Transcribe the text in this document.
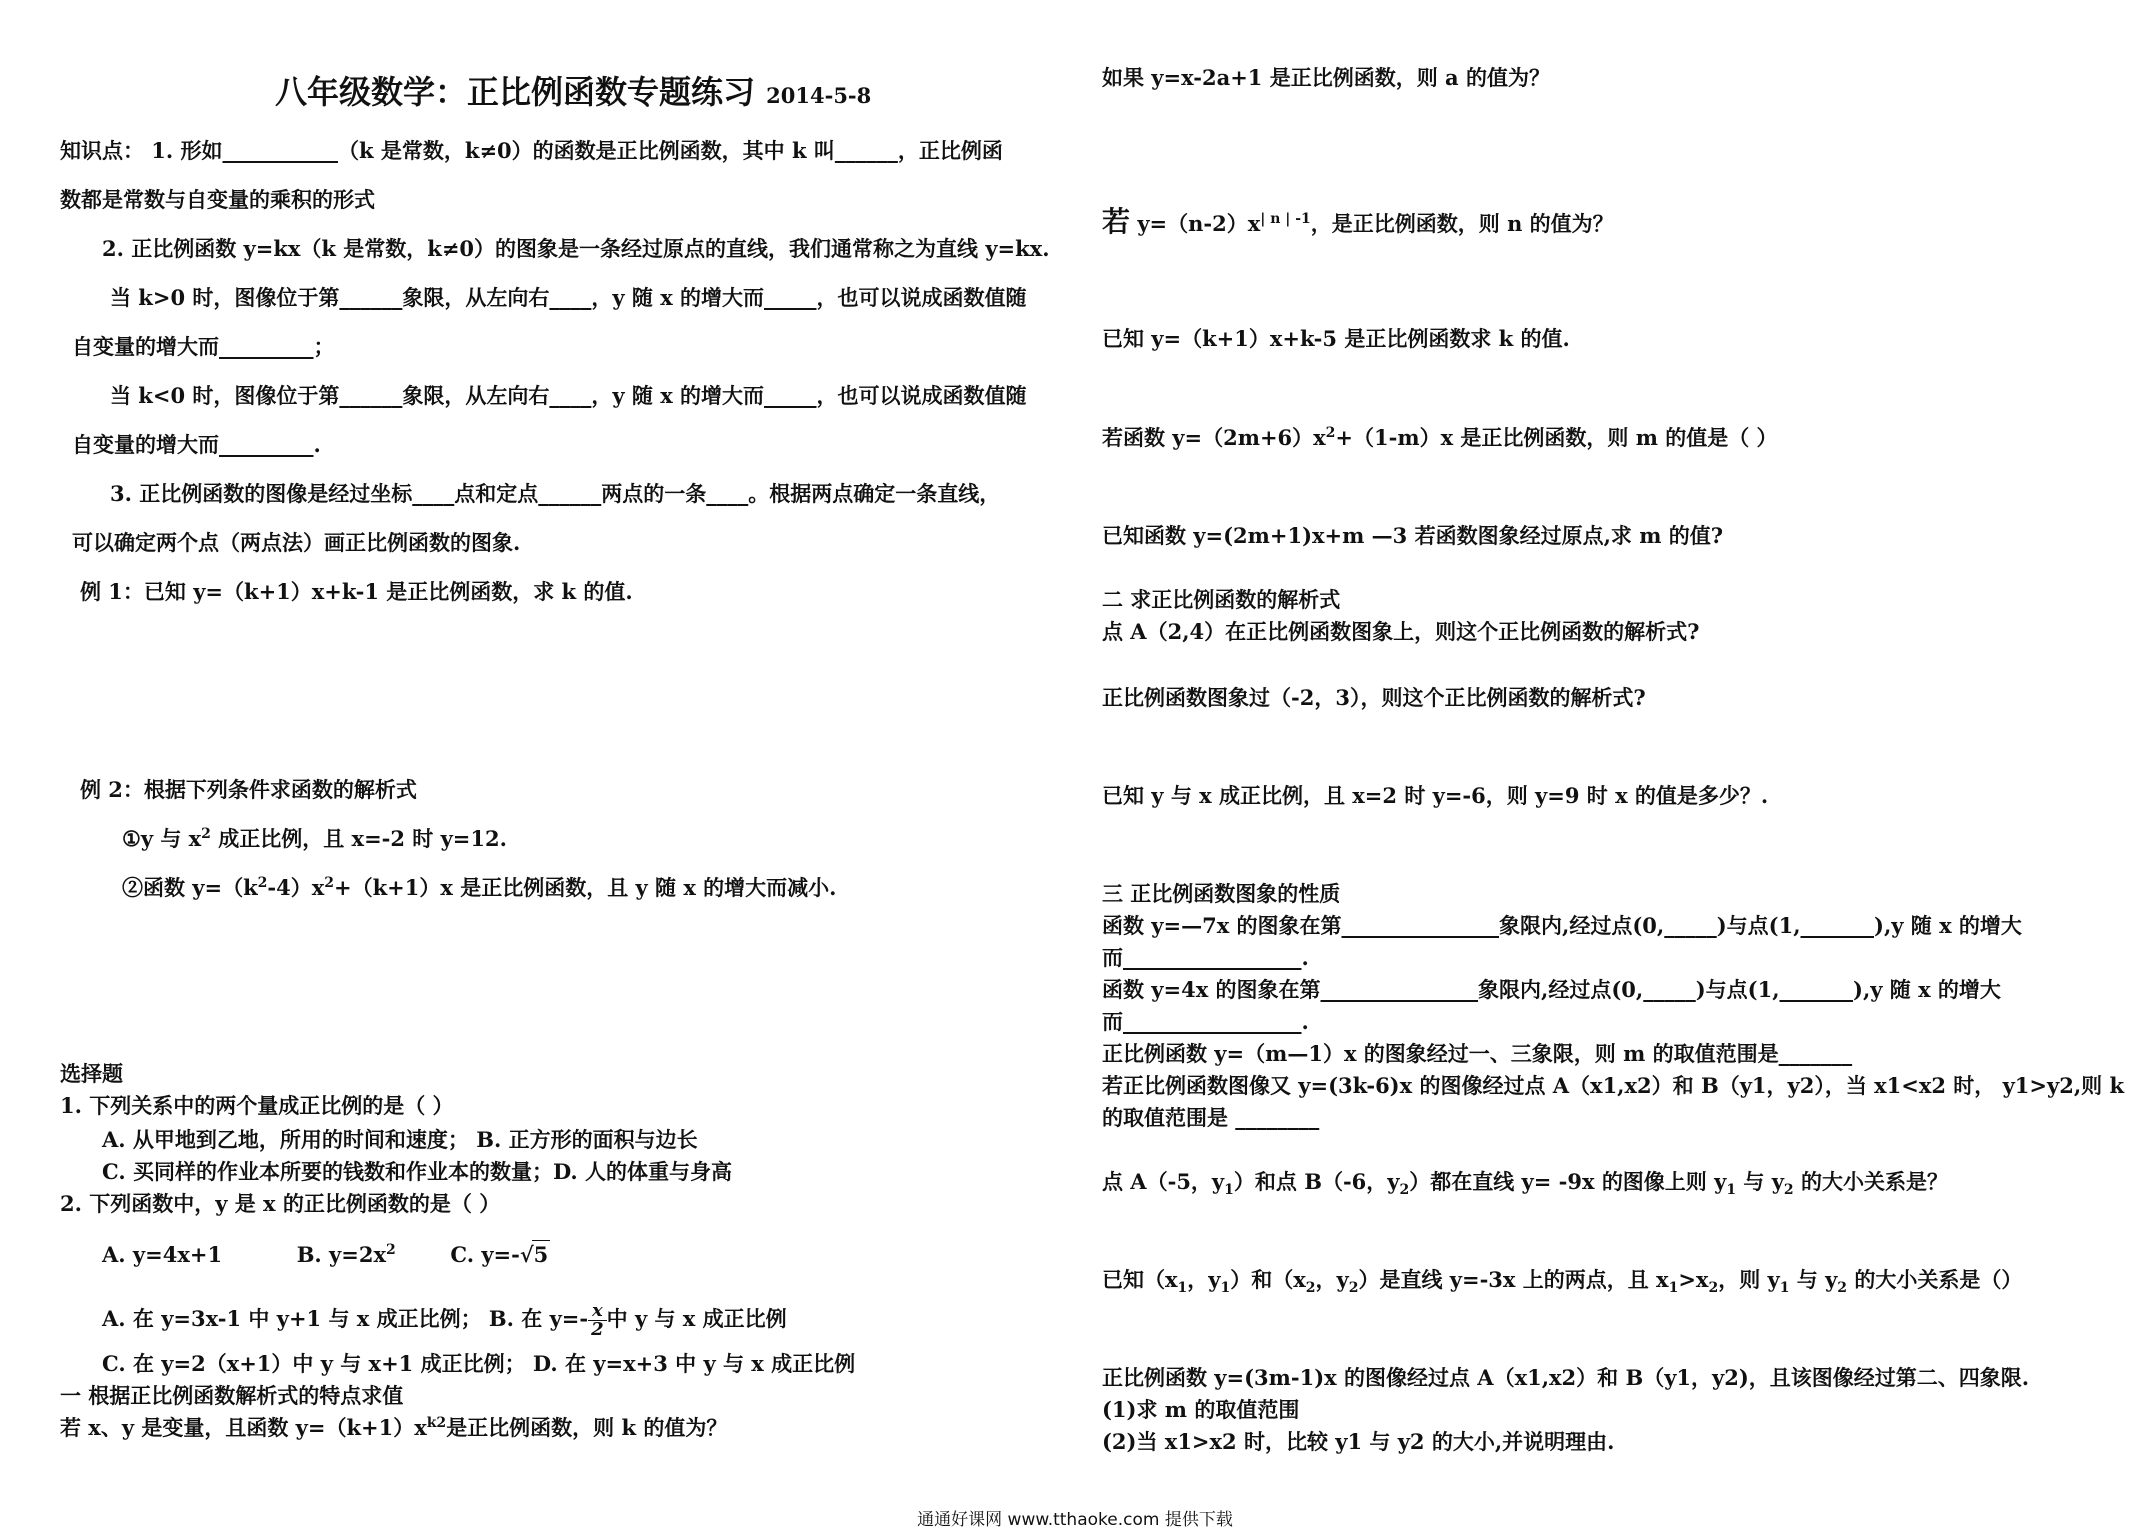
八年级数学：正比例函数专题练习 2014-5-8
知识点： 1. 形如___________（k 是常数，k≠0）的函数是正比例函数，其中 k 叫______，正比例函
数都是常数与自变量的乘积的形式
2. 正比例函数 y=kx（k 是常数，k≠0）的图象是一条经过原点的直线，我们通常称之为直线 y=kx.
当 k>0 时，图像位于第______象限，从左向右____，y 随 x 的增大而_____，也可以说成函数值随
自变量的增大而_________；
当 k<0 时，图像位于第______象限，从左向右____，y 随 x 的增大而_____，也可以说成函数值随
自变量的增大而_________.
3. 正比例函数的图像是经过坐标____点和定点______两点的一条____。根据两点确定一条直线，
可以确定两个点（两点法）画正比例函数的图象.
例 1：已知 y=（k+1）x+k-1 是正比例函数，求 k 的值.
例 2：根据下列条件求函数的解析式
①y 与 $x^2$ 成正比例，且 x=-2 时 y=12.
②函数 $y=(k^2-4)x^2+(k+1)x$ 是正比例函数，且 y 随 x 的增大而减小.
选择题
1. 下列关系中的两个量成正比例的是（ ）
A. 从甲地到乙地，所用的时间和速度； B. 正方形的面积与边长
C. 买同样的作业本所要的钱数和作业本的数量；D. 人的体重与身高
2. 下列函数中，y 是 x 的正比例函数的是（ ）
A. y=4x+1	B. $y=2x^2$	C. y=-√5
A. 在 y=3x-1 中 y+1 与 x 成正比例； B. 在 $y=- \frac{x}{2}$ 中 y 与 x 成正比例
C. 在 y=2（x+1）中 y 与 x+1 成正比例； D. 在 y=x+3 中 y 与 x 成正比例
一 根据正比例函数解析式的特点求值
若 x、y 是变量，且函数 $y=(k+1)x^{k2}$是正比例函数，则 k 的值为？
如果 y=x-2a+1 是正比例函数，则 a 的值为？
若 $y=(n-2)x^{| n | -1}$，是正比例函数，则 n 的值为？
已知 y=（k+1）x+k-5 是正比例函数求 k 的值.
若函数 $y=(2m+6)x^2+(1-m)x$ 是正比例函数，则 m 的值是（ ）
已知函数 y=(2m+1)x+m —3 若函数图象经过原点,求 m 的值?
二 求正比例函数的解析式
点 A（2,4）在正比例函数图象上，则这个正比例函数的解析式?
正比例函数图象过（-2，3），则这个正比例函数的解析式?
已知 y 与 x 成正比例，且 x=2 时 y=-6，则 y=9 时 x 的值是多少？.
三 正比例函数图象的性质
函数 y=—7x 的图象在第_______________象限内,经过点(0,_____)与点(1,_______),y 随 x 的增大
而_________________.
函数 y=4x 的图象在第_______________象限内,经过点(0,_____)与点(1,_______),y 随 x 的增大
而_________________.
正比例函数 y=（m—1）x 的图象经过一、三象限，则 m 的取值范围是_______
若正比例函数图像又 y=(3k-6)x 的图像经过点 A（x1,x2）和 B（y1，y2），当 x1<x2 时， y1>y2,则 k
的取值范围是 ________
点 A（-5，$y_1$）和点 B（-6，$y_2$）都在直线 y= -9x 的图像上则 $y_1$ 与 $y_2$ 的大小关系是？
已知（$x_1$，$y_1$）和（$x_2$，$y_2$）是直线 y=-3x 上的两点，且 $x_1>x_2$，则 $y_1$ 与 $y_2$ 的大小关系是（）
正比例函数 y=(3m-1)x 的图像经过点 A（x1,x2）和 B（y1，y2)，且该图像经过第二、四象限.
(1)求 m 的取值范围
(2)当 x1>x2 时，比较 y1 与 y2 的大小,并说明理由.
通通好课网 www.tthaoke.com 提供下载
